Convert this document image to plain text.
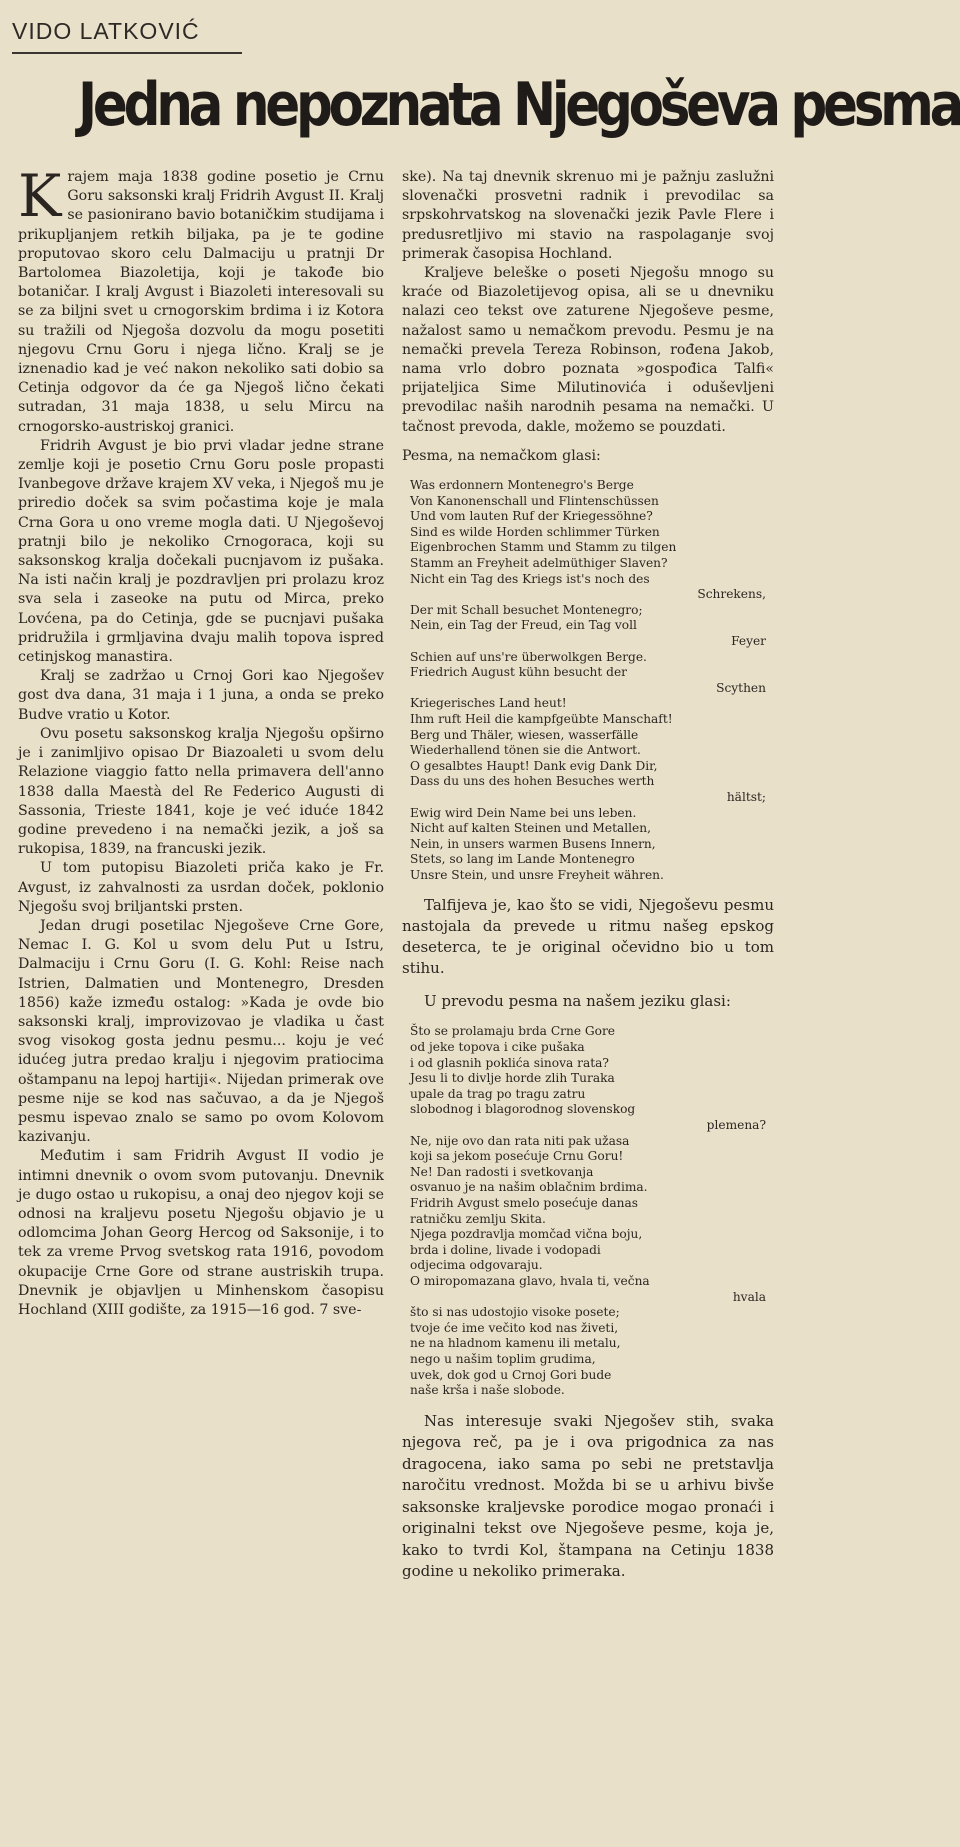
VIDO LATKOVIĆ
Jedna nepoznata Njegoševa pesma

Krajem maja 1838 godine posetio je Crnu Goru saksonski kralj Fridrih Avgust II. Kralj se pasionirano bavio botaničkim studijama i prikupljanjem retkih biljaka, pa je te godine proputovao skoro celu Dalmaciju u pratnji Dr Bartolomea Biazoletija, koji je takođe bio botaničar. I kralj Avgust i Biazoleti interesovali su se za biljni svet u crnogorskim brdima i iz Kotora su tražili od Njegoša dozvolu da mogu posetiti njegovu Crnu Goru i njega lično. Kralj se je iznenadio kad je već nakon nekoliko sati dobio sa Cetinja odgovor da će ga Njegoš lično čekati sutradan, 31 maja 1838, u selu Mircu na crnogorsko-austriskoj granici.

Fridrih Avgust je bio prvi vladar jedne strane zemlje koji je posetio Crnu Goru posle propasti Ivanbegove države krajem XV veka, i Njegoš mu je priredio doček sa svim počastima koje je mala Crna Gora u ono vreme mogla dati. U Njegoševoj pratnji bilo je nekoliko Crnogoraca, koji su saksonskog kralja dočekali pucnjavom iz pušaka. Na isti način kralj je pozdravljen pri prolazu kroz sva sela i zaseoke na putu od Mirca, preko Lovćena, pa do Cetinja, gde se pucnjavi pušaka pridružila i grmljavina dvaju malih topova ispred cetinjskog manastira.

Kralj se zadržao u Crnoj Gori kao Njegošev gost dva dana, 31 maja i 1 juna, a onda se preko Budve vratio u Kotor.

Ovu posetu saksonskog kralja Njegošu opširno je i zanimljivo opisao Dr Biazoaleti u svom delu Relazione viaggio fatto nella primavera dell'anno 1838 dalla Maestà del Re Federico Augusti di Sassonia, Trieste 1841, koje je već iduće 1842 godine prevedeno i na nemački jezik, a još sa rukopisa, 1839, na francuski jezik.

U tom putopisu Biazoleti priča kako je Fr. Avgust, iz zahvalnosti za usrdan doček, poklonio Njegošu svoj briljantski prsten.

Jedan drugi posetilac Njegoševe Crne Gore, Nemac I. G. Kol u svom delu Put u Istru, Dalmaciju i Crnu Goru (I. G. Kohl: Reise nach Istrien, Dalmatien und Montenegro, Dresden 1856) kaže između ostalog: »Kada je ovde bio saksonski kralj, improvizovao je vladika u čast svog visokog gosta jednu pesmu... koju je već idućeg jutra predao kralju i njegovim pratiocima oštampanu na lepoj hartiji«. Nijedan primerak ove pesme nije se kod nas sačuvao, a da je Njegoš pesmu ispevao znalo se samo po ovom Kolovom kazivanju.

Međutim i sam Fridrih Avgust II vodio je intimni dnevnik o ovom svom putovanju. Dnevnik je dugo ostao u rukopisu, a onaj deo njegov koji se odnosi na kraljevu posetu Njegošu objavio je u odlomcima Johan Georg Hercog od Saksonije, i to tek za vreme Prvog svetskog rata 1916, povodom okupacije Crne Gore od strane austriskih trupa. Dnevnik je objavljen u Minhenskom časopisu Hochland (XIII godište, za 1915—16 god. 7 sve-

ske). Na taj dnevnik skrenuo mi je pažnju zaslužni slovenački prosvetni radnik i prevodilac sa srpskohrvatskog na slovenački jezik Pavle Flere i predusretljivo mi stavio na raspolaganje svoj primerak časopisa Hochland.

Kraljeve beleške o poseti Njegošu mnogo su kraće od Biazoletijevog opisa, ali se u dnevniku nalazi ceo tekst ove zaturene Njegoševe pesme, nažalost samo u nemačkom prevodu. Pesmu je na nemački prevela Tereza Robinson, rođena Jakob, nama vrlo dobro poznata »gospođica Talfi« prijateljica Sime Milutinovića i oduševljeni prevodilac naših narodnih pesama na nemački. U tačnost prevoda, dakle, možemo se pouzdati.

Pesma, na nemačkom glasi:

Was erdonnern Montenegro's Berge
Von Kanonenschall und Flintenschüssen
Und vom lauten Ruf der Kriegessöhne?
Sind es wilde Horden schlimmer Türken
Eigenbrochen Stamm und Stamm zu tilgen
Stamm an Freyheit adelmüthiger Slaven?
Nicht ein Tag des Kriegs ist's noch des
Schrekens,
Der mit Schall besuchet Montenegro;
Nein, ein Tag der Freud, ein Tag voll
Feyer
Schien auf uns're überwolkgen Berge.
Friedrich August kühn besucht der
Scythen
Kriegerisches Land heut!
Ihm ruft Heil die kampfgeübte Manschaft!
Berg und Thäler, wiesen, wasserfälle
Wiederhallend tönen sie die Antwort.
O gesalbtes Haupt! Dank evig Dank Dir,
Dass du uns des hohen Besuches werth
hältst;
Ewig wird Dein Name bei uns leben.
Nicht auf kalten Steinen und Metallen,
Nein, in unsers warmen Busens Innern,
Stets, so lang im Lande Montenegro
Unsre Stein, und unsre Freyheit währen.

Talfijeva je, kao što se vidi, Njegoševu pesmu nastojala da prevede u ritmu našeg epskog deseterca, te je original očevidno bio u tom stihu.

U prevodu pesma na našem jeziku glasi:

Što se prolamaju brda Crne Gore
od jeke topova i cike pušaka
i od glasnih poklića sinova rata?
Jesu li to divlje horde zlih Turaka
upale da trag po tragu zatru
slobodnog i blagorodnog slovenskog
plemena?
Ne, nije ovo dan rata niti pak užasa
koji sa jekom posećuje Crnu Goru!
Ne! Dan radosti i svetkovanja
osvanuo je na našim oblačnim brdima.
Fridrih Avgust smelo posećuje danas
ratničku zemlju Skita.
Njega pozdravlja momčad vična boju,
brda i doline, livade i vodopadi
odjecima odgovaraju.
O miropomazana glavo, hvala ti, večna
hvala
što si nas udostojio visoke posete;
tvoje će ime večito kod nas živeti,
ne na hladnom kamenu ili metalu,
nego u našim toplim grudima,
uvek, dok god u Crnoj Gori bude
naše krša i naše slobode.

Nas interesuje svaki Njegošev stih, svaka njegova reč, pa je i ova prigodnica za nas dragocena, iako sama po sebi ne pretstavlja naročitu vrednost. Možda bi se u arhivu bivše saksonske kraljevske porodice mogao pronaći i originalni tekst ove Njegoševe pesme, koja je, kako to tvrdi Kol, štampana na Cetinju 1838 godine u nekoliko primeraka.
